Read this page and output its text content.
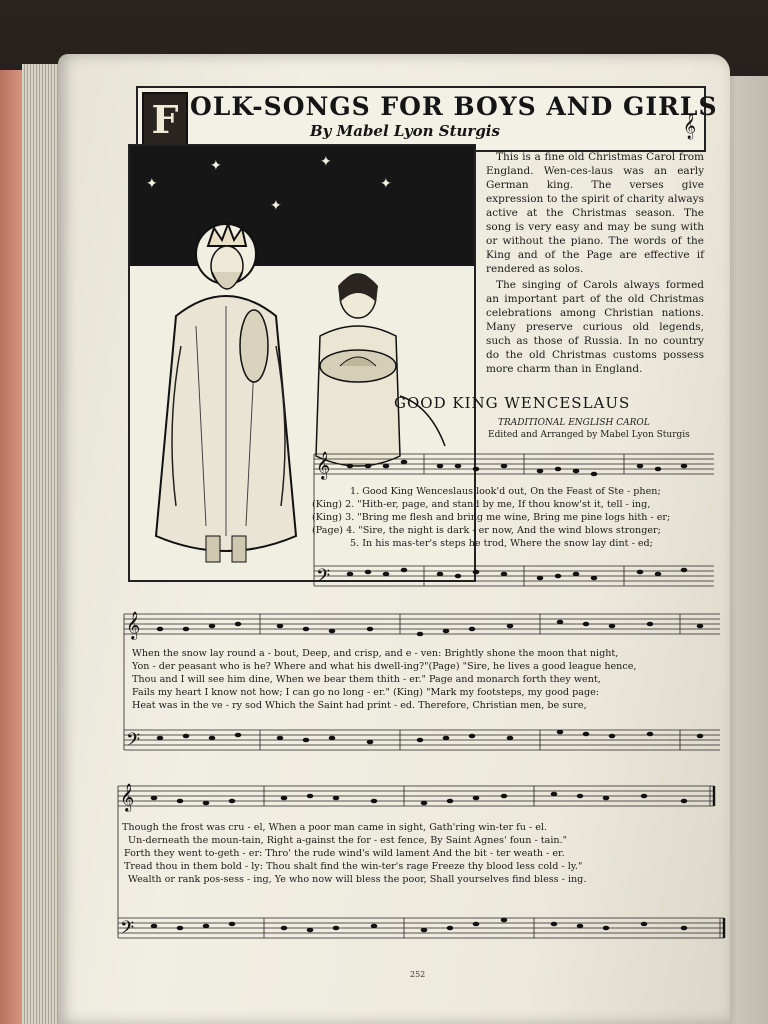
F OLK-SONGS FOR BOYS AND GIRLS
By Mabel Lyon Sturgis	𝄞
✦
✦	✦
✦
✦

This is a fine old Christmas Carol from England. Wen-ces-laus was an early German king. The verses give expression to the spirit of charity always active at the Christmas season. The song is very easy and may be sung with or without the piano. The words of the King and of the Page are effective if rendered as solos.

The singing of Carols always formed an important part of the old Christmas celebrations among Christian nations. Many preserve curious old legends, such as those of Russia. In no country do the old Christmas customs possess more charm than in England.

GOOD KING WENCESLAUS
TRADITIONAL ENGLISH CAROL
Edited and Arranged by Mabel Lyon Sturgis
𝄞
𝄢
1. Good King Wenceslaus look'd out, On the Feast of Ste - phen;
(King) 2. "Hith-er, page, and stand by me, If thou know'st it, tell - ing,
(King) 3. "Bring me flesh and bring me wine, Bring me pine logs hith - er;
(Page) 4. "Sire, the night is dark - er now, And the wind blows stronger;
5. In his mas-ter's steps he trod, Where the snow lay dint - ed;
𝄞
𝄢
When the snow lay round a - bout, Deep, and crisp, and e - ven: Brightly shone the moon that night,
Yon - der peasant who is he? Where and what his dwell-ing?"(Page) "Sire, he lives a good league hence,
Thou and I will see him dine, When we bear them thith - er." Page and monarch forth they went,
Fails my heart I know not how; I can go no long - er." (King) "Mark my footsteps, my good page:
Heat was in the ve - ry sod Which the Saint had print - ed. Therefore, Christian men, be sure,
𝄞
𝄢
Though the frost was cru - el, When a poor man came in sight, Gath'ring win-ter fu - el.
Un-derneath the moun-tain, Right a-gainst the for - est fence, By Saint Agnes' foun - tain."
Forth they went to-geth - er: Thro' the rude wind's wild lament And the bit - ter weath - er.
Tread thou in them bold - ly: Thou shalt find the win-ter's rage Freeze thy blood less cold - ly."
Wealth or rank pos-sess - ing, Ye who now will bless the poor, Shall yourselves find bless - ing.
252
